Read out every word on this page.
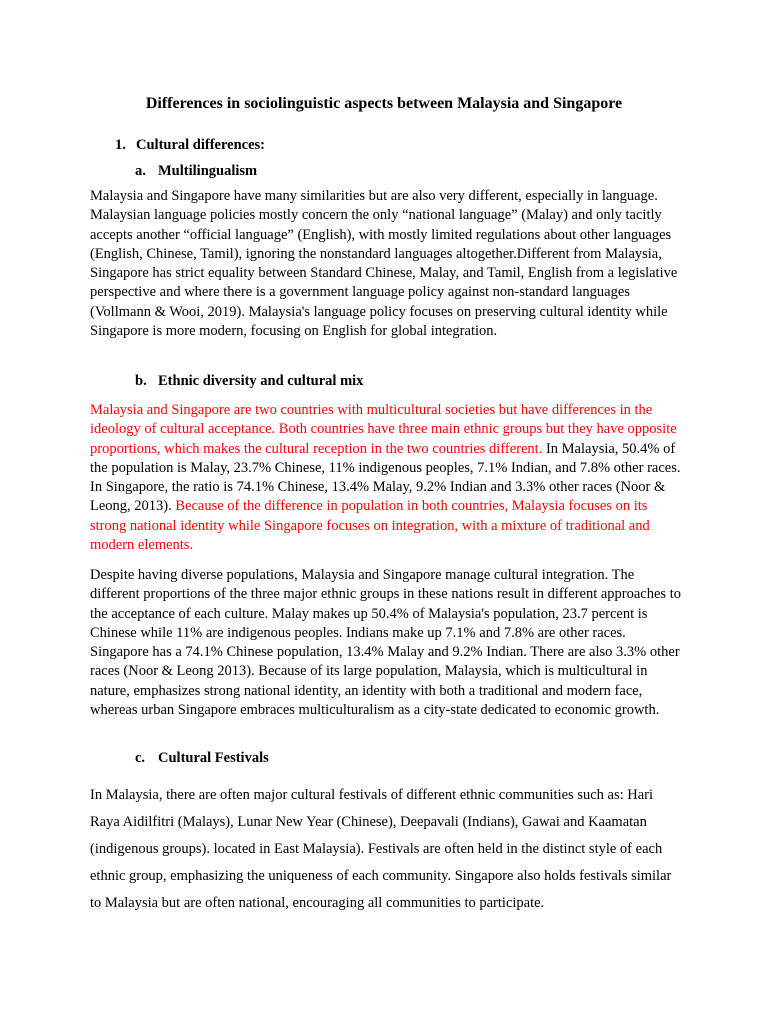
Differences in sociolinguistic aspects between Malaysia and Singapore
1. Cultural differences:
a. Multilingualism
Malaysia and Singapore have many similarities but are also very different, especially in language. Malaysian language policies mostly concern the only “national language” (Malay) and only tacitly accepts another “official language” (English), with mostly limited regulations about other languages (English, Chinese, Tamil), ignoring the nonstandard languages altogether.Different from Malaysia, Singapore has strict equality between Standard Chinese, Malay, and Tamil, English from a legislative perspective and where there is a government language policy against non-standard languages (Vollmann & Wooi, 2019). Malaysia's language policy focuses on preserving cultural identity while Singapore is more modern, focusing on English for global integration.
b. Ethnic diversity and cultural mix
Malaysia and Singapore are two countries with multicultural societies but have differences in the ideology of cultural acceptance. Both countries have three main ethnic groups but they have opposite proportions, which makes the cultural reception in the two countries different. In Malaysia, 50.4% of the population is Malay, 23.7% Chinese, 11% indigenous peoples, 7.1% Indian, and 7.8% other races. In Singapore, the ratio is 74.1% Chinese, 13.4% Malay, 9.2% Indian and 3.3% other races (Noor & Leong, 2013). Because of the difference in population in both countries, Malaysia focuses on its strong national identity while Singapore focuses on integration, with a mixture of traditional and modern elements.
Despite having diverse populations, Malaysia and Singapore manage cultural integration. The different proportions of the three major ethnic groups in these nations result in different approaches to the acceptance of each culture. Malay makes up 50.4% of Malaysia's population, 23.7 percent is Chinese while 11% are indigenous peoples. Indians make up 7.1% and 7.8% are other races. Singapore has a 74.1% Chinese population, 13.4% Malay and 9.2% Indian. There are also 3.3% other races (Noor & Leong 2013). Because of its large population, Malaysia, which is multicultural in nature, emphasizes strong national identity, an identity with both a traditional and modern face, whereas urban Singapore embraces multiculturalism as a city-state dedicated to economic growth.
c. Cultural Festivals
In Malaysia, there are often major cultural festivals of different ethnic communities such as: Hari Raya Aidilfitri (Malays), Lunar New Year (Chinese), Deepavali (Indians), Gawai and Kaamatan (indigenous groups). located in East Malaysia). Festivals are often held in the distinct style of each ethnic group, emphasizing the uniqueness of each community. Singapore also holds festivals similar to Malaysia but are often national, encouraging all communities to participate.
